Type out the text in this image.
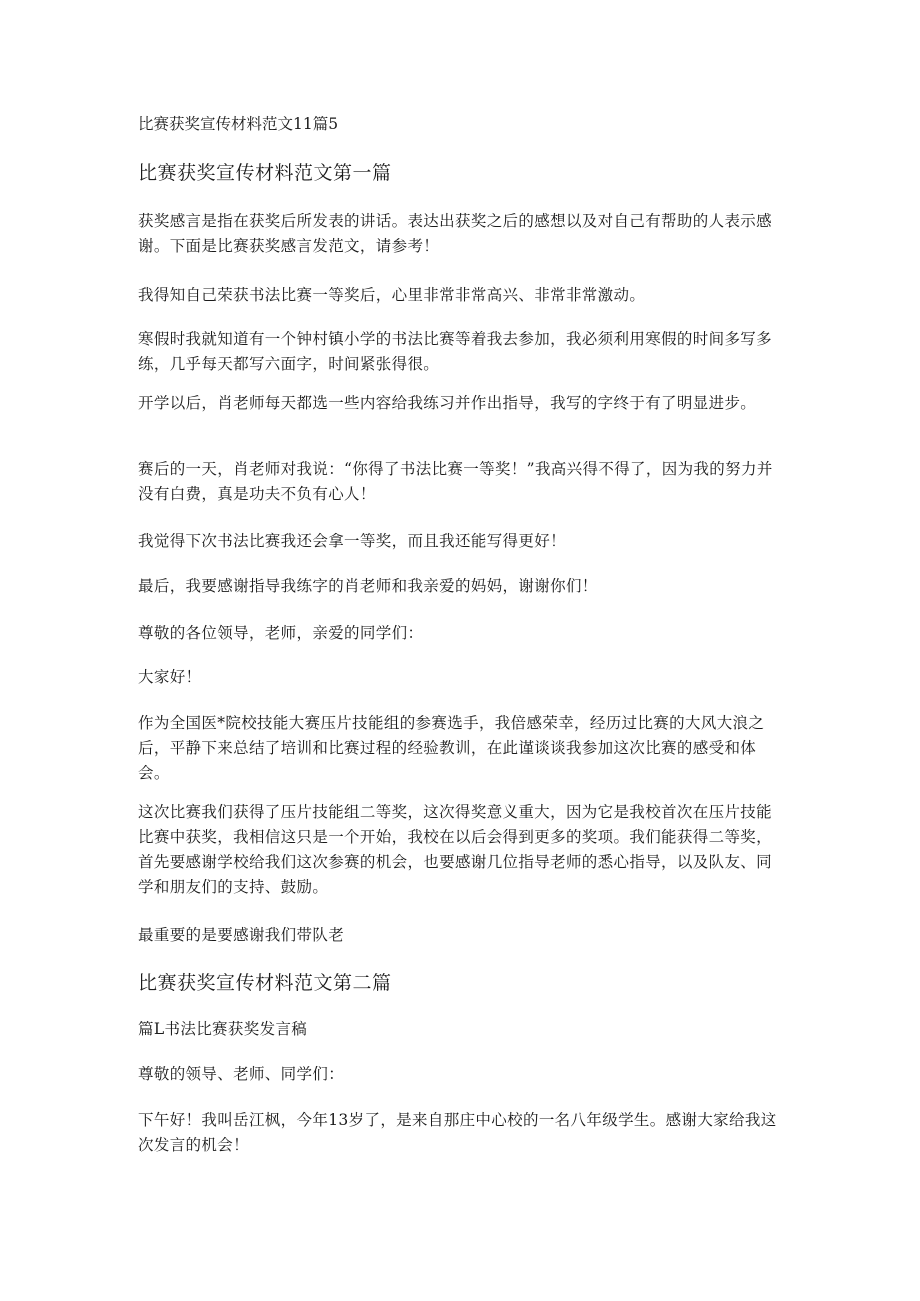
比赛获奖宣传材料范文11篇5
比赛获奖宣传材料范文第一篇

获奖感言是指在获奖后所发表的讲话。表达出获奖之后的感想以及对自己有帮助的人表示感谢。下面是比赛获奖感言发范文，请参考！

我得知自己荣获书法比赛一等奖后，心里非常非常高兴、非常非常激动。

寒假时我就知道有一个钟村镇小学的书法比赛等着我去参加，我必须利用寒假的时间多写多练，几乎每天都写六面字，时间紧张得很。

开学以后，肖老师每天都选一些内容给我练习并作出指导，我写的字终于有了明显进步。

赛后的一天，肖老师对我说：“你得了书法比赛一等奖！”我高兴得不得了，因为我的努力并没有白费，真是功夫不负有心人！

我觉得下次书法比赛我还会拿一等奖，而且我还能写得更好！

最后，我要感谢指导我练字的肖老师和我亲爱的妈妈，谢谢你们！

尊敬的各位领导，老师，亲爱的同学们：

大家好！

作为全国医*院校技能大赛压片技能组的参赛选手，我倍感荣幸，经历过比赛的大风大浪之后，平静下来总结了培训和比赛过程的经验教训，在此谨谈谈我参加这次比赛的感受和体会。

这次比赛我们获得了压片技能组二等奖，这次得奖意义重大，因为它是我校首次在压片技能比赛中获奖，我相信这只是一个开始，我校在以后会得到更多的奖项。我们能获得二等奖，首先要感谢学校给我们这次参赛的机会，也要感谢几位指导老师的悉心指导，以及队友、同学和朋友们的支持、鼓励。

最重要的是要感谢我们带队老

比赛获奖宣传材料范文第二篇

篇L书法比赛获奖发言稿

尊敬的领导、老师、同学们：

下午好！我叫岳江枫，今年13岁了，是来自那庄中心校的一名八年级学生。感谢大家给我这次发言的机会！
